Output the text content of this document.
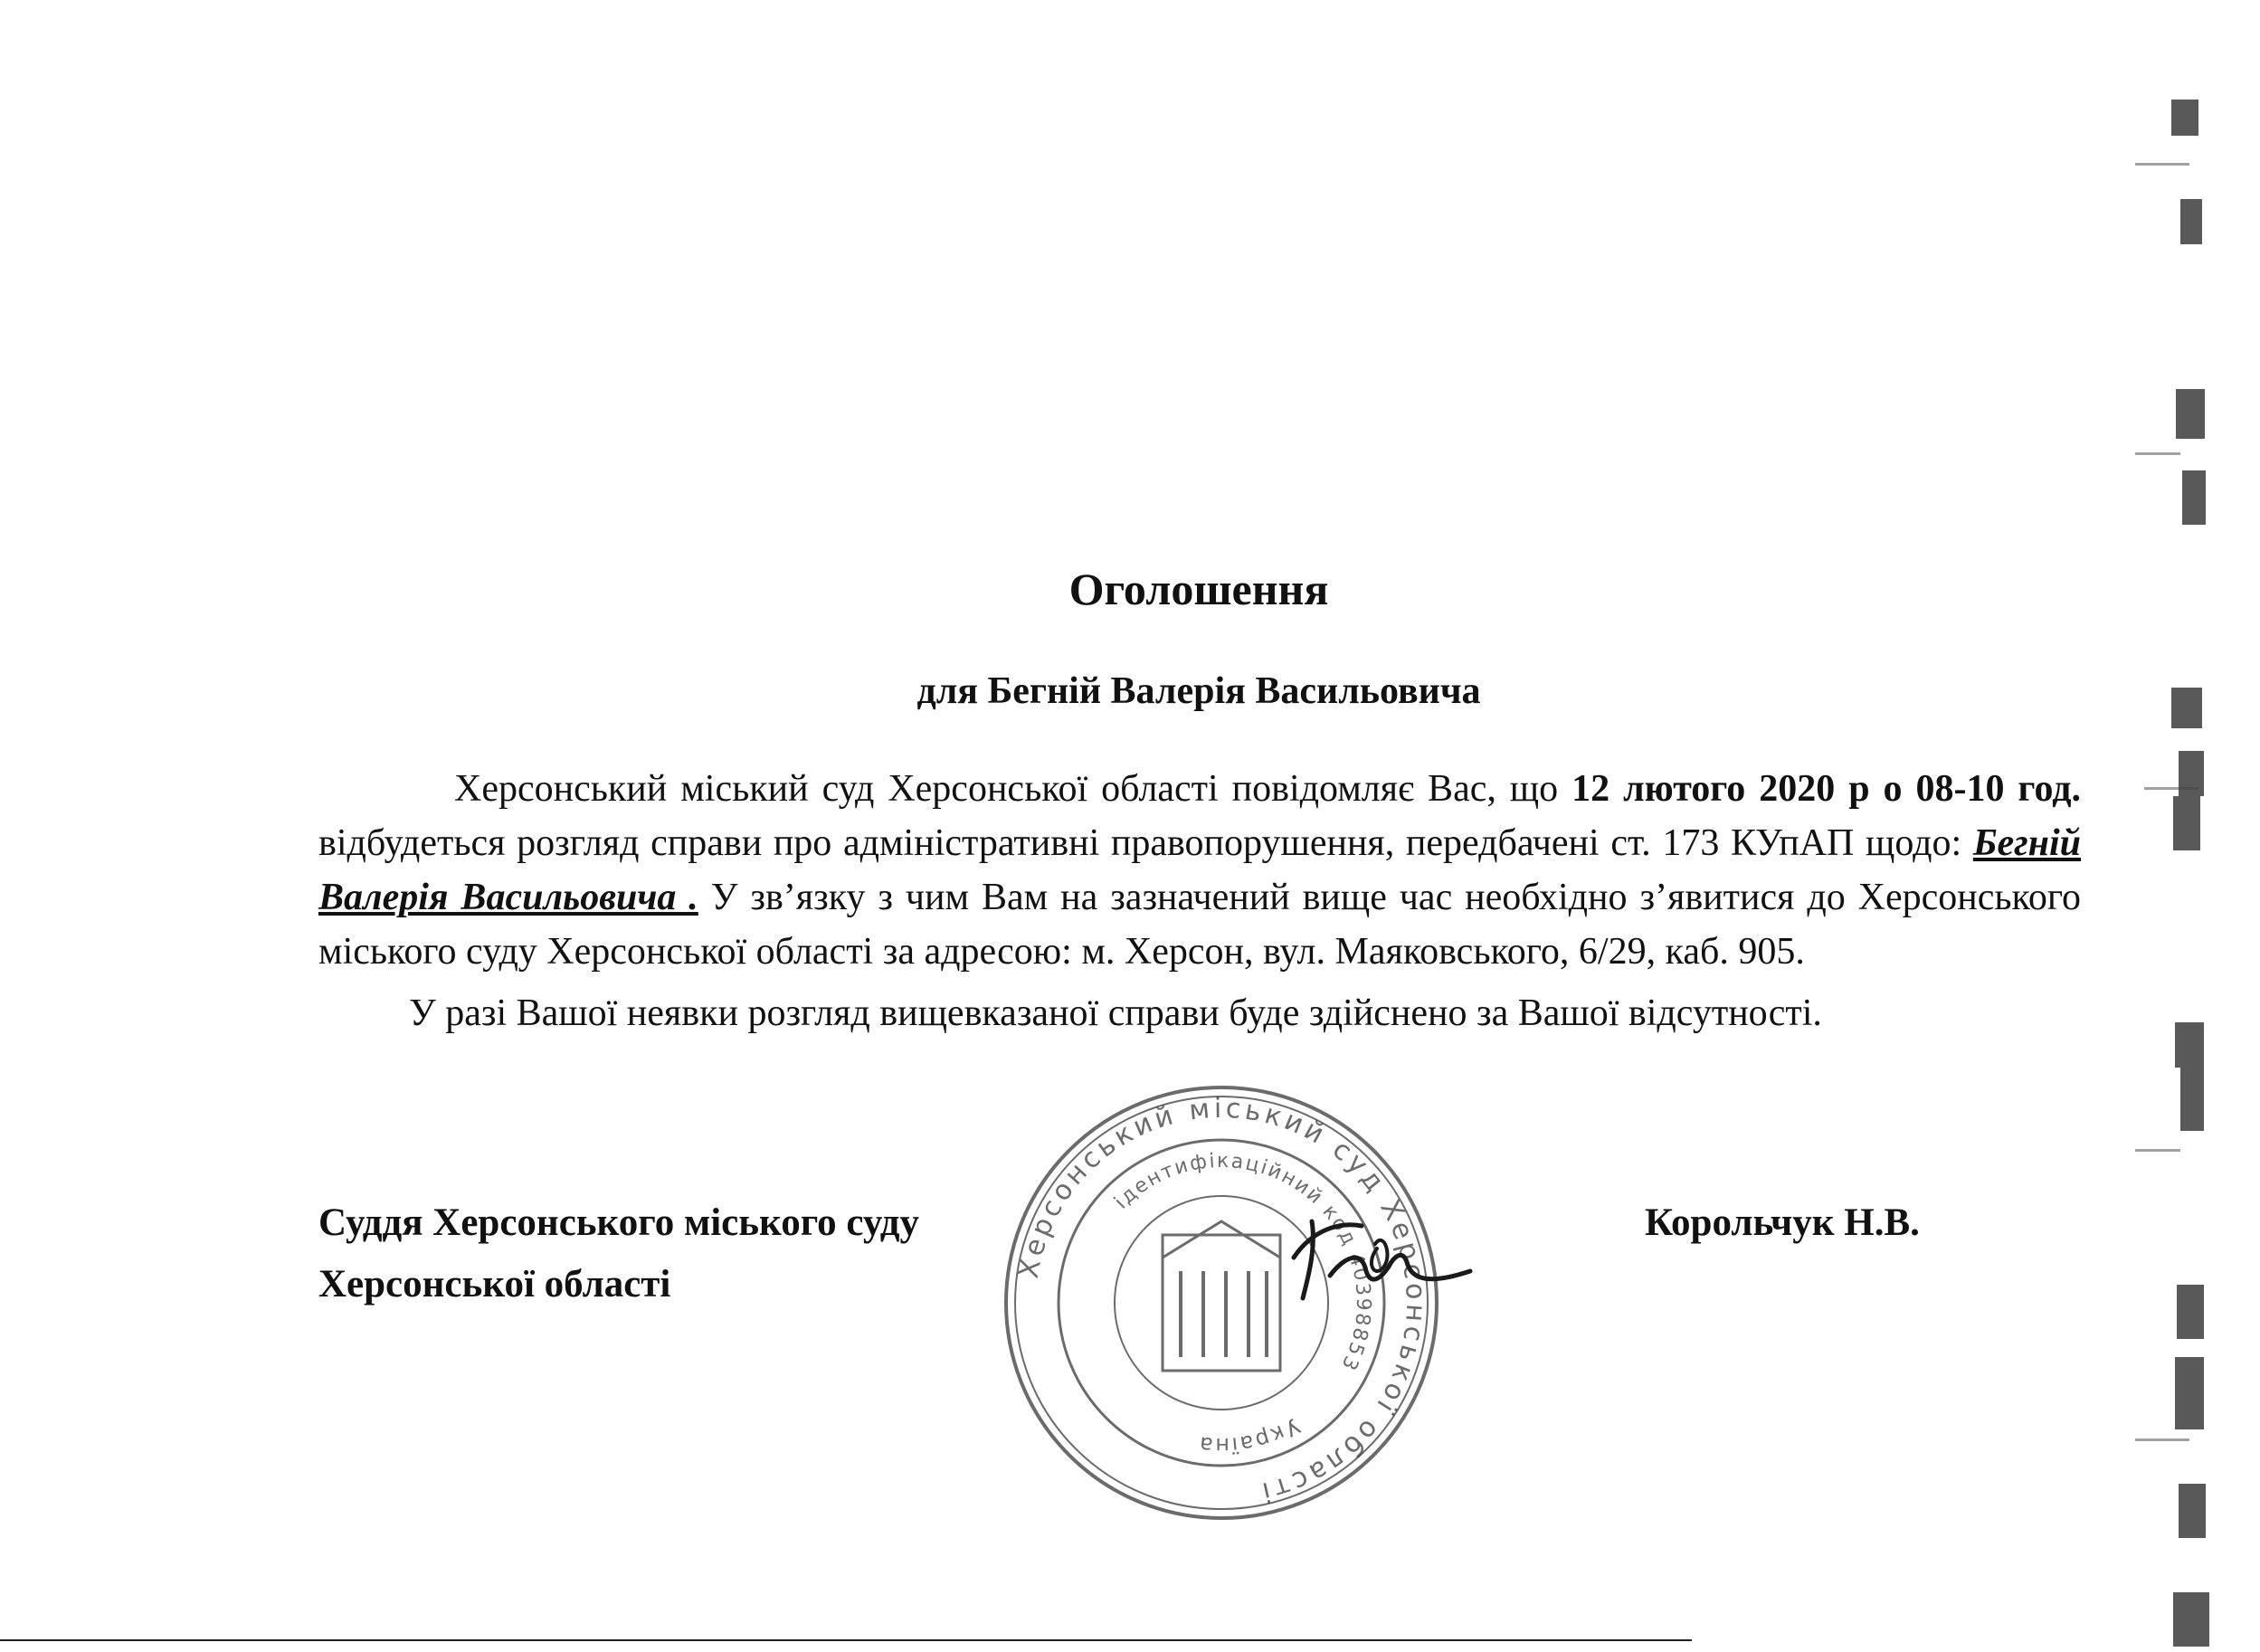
Оголошення
для Бегній Валерія Васильовича

Херсонський міський суд Херсонської області повідомляє Вас, що 12 лютого 2020 р о 08-10 год. відбудеться розгляд справи про адміністративні правопорушення, передбачені ст. 173 КУпАП щодо: Бегній Валерія Васильовича . У зв’язку з чим Вам на зазначений вище час необхідно з’явитися до Херсонського міського суду Херсонської області за адресою: м. Херсон, вул. Маяковського, 6/29, каб. 905.

У разі Вашої неявки розгляд вищевказаної справи буде здійснено за Вашої відсутності.

Херсонський міський суд Херсонської області
ідентифікаційний код 40398853
Україна
Суддя Херсонського міського суду
Херсонської області
Корольчук Н.В.
